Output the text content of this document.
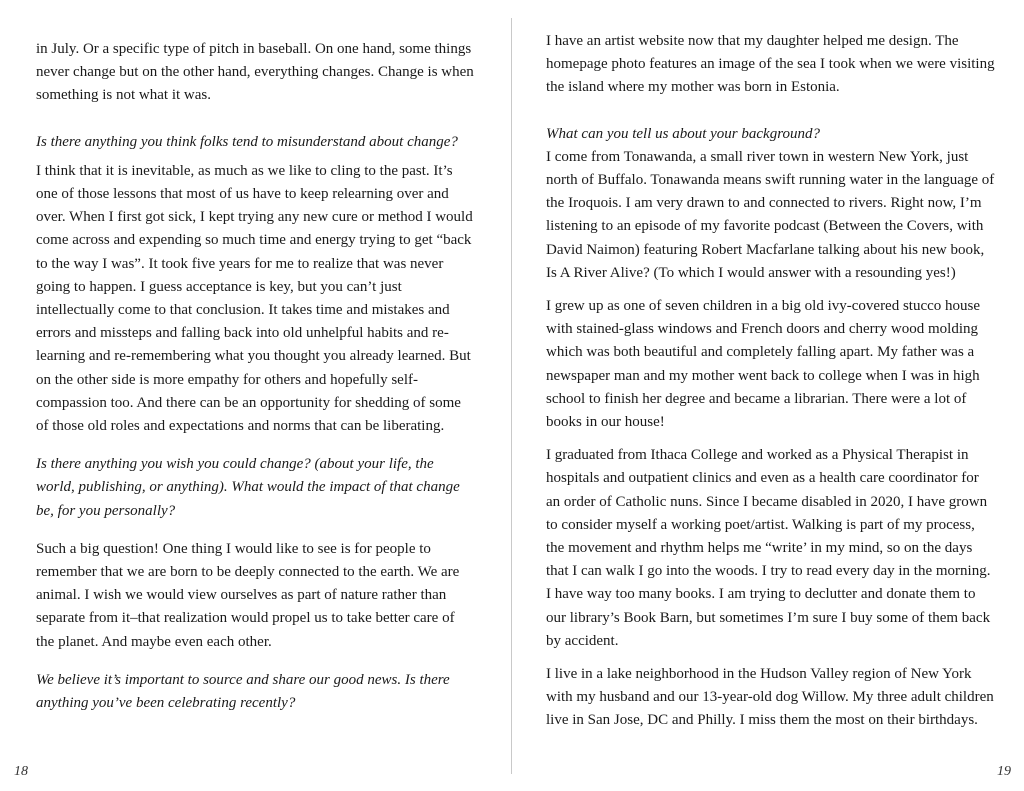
in July. Or a specific type of pitch in baseball. On one hand, some things never change but on the other hand, everything changes. Change is when something is not what it was.

Is there anything you think folks tend to misunderstand about change?

I think that it is inevitable, as much as we like to cling to the past. It’s one of those lessons that most of us have to keep relearning over and over. When I first got sick, I kept trying any new cure or method I would come across and expending so much time and energy trying to get “back to the way I was”. It took five years for me to realize that was never going to happen. I guess acceptance is key, but you can’t just intellectually come to that conclusion. It takes time and mistakes and errors and missteps and falling back into old unhelpful habits and re-learning and re-remembering what you thought you already learned. But on the other side is more empathy for others and hopefully self-compassion too. And there can be an opportunity for shedding of some of those old roles and expectations and norms that can be liberating.

Is there anything you wish you could change? (about your life, the world, publishing, or anything). What would the impact of that change be, for you personally?

Such a big question! One thing I would like to see is for people to remember that we are born to be deeply connected to the earth. We are animal. I wish we would view ourselves as part of nature rather than separate from it–that realization would propel us to take better care of the planet. And maybe even each other.

We believe it’s important to source and share our good news. Is there anything you’ve been celebrating recently?

18

I have an artist website now that my daughter helped me design. The homepage photo features an image of the sea I took when we were visiting the island where my mother was born in Estonia.

What can you tell us about your background?

I come from Tonawanda, a small river town in western New York, just north of Buffalo. Tonawanda means swift running water in the language of the Iroquois. I am very drawn to and connected to rivers. Right now, I’m listening to an episode of my favorite podcast (Between the Covers, with David Naimon) featuring Robert Macfarlane talking about his new book, Is A River Alive? (To which I would answer with a resounding yes!)

I grew up as one of seven children in a big old ivy-covered stucco house with stained-glass windows and French doors and cherry wood molding which was both beautiful and completely falling apart. My father was a newspaper man and my mother went back to college when I was in high school to finish her degree and became a librarian. There were a lot of books in our house!

I graduated from Ithaca College and worked as a Physical Therapist in hospitals and outpatient clinics and even as a health care coordinator for an order of Catholic nuns. Since I became disabled in 2020, I have grown to consider myself a working poet/artist. Walking is part of my process, the movement and rhythm helps me “write’ in my mind, so on the days that I can walk I go into the woods. I try to read every day in the morning. I have way too many books. I am trying to declutter and donate them to our library’s Book Barn, but sometimes I’m sure I buy some of them back by accident.

I live in a lake neighborhood in the Hudson Valley region of New York with my husband and our 13-year-old dog Willow. My three adult children live in San Jose, DC and Philly. I miss them the most on their birthdays.

19
